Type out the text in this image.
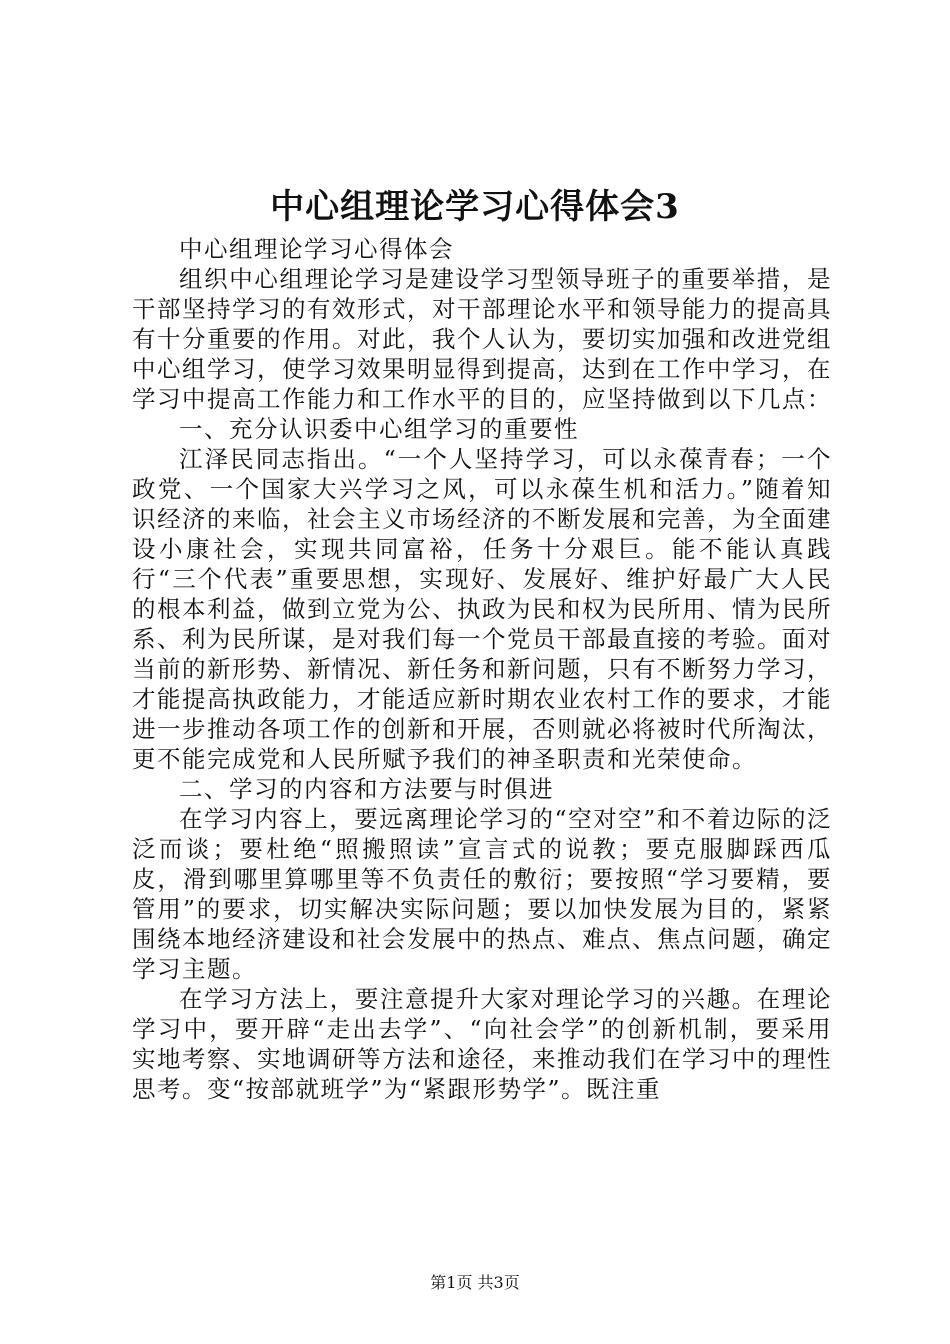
中心组理论学习心得体会3

中心组理论学习心得体会

组织中心组理论学习是建设学习型领导班子的重要举措，是干部坚持学习的有效形式，对干部理论水平和领导能力的提高具有十分重要的作用。对此，我个人认为，要切实加强和改进党组中心组学习，使学习效果明显得到提高，达到在工作中学习，在学习中提高工作能力和工作水平的目的，应坚持做到以下几点：

一、充分认识委中心组学习的重要性

江泽民同志指出。“一个人坚持学习，可以永葆青春；一个政党、一个国家大兴学习之风，可以永葆生机和活力。”随着知识经济的来临，社会主义市场经济的不断发展和完善，为全面建设小康社会，实现共同富裕，任务十分艰巨。能不能认真践行“三个代表”重要思想，实现好、发展好、维护好最广大人民的根本利益，做到立党为公、执政为民和权为民所用、情为民所系、利为民所谋，是对我们每一个党员干部最直接的考验。面对当前的新形势、新情况、新任务和新问题，只有不断努力学习，才能提高执政能力，才能适应新时期农业农村工作的要求，才能进一步推动各项工作的创新和开展，否则就必将被时代所淘汰，更不能完成党和人民所赋予我们的神圣职责和光荣使命。

二、学习的内容和方法要与时俱进

在学习内容上，要远离理论学习的“空对空”和不着边际的泛泛而谈；要杜绝“照搬照读”宣言式的说教；要克服脚踩西瓜皮，滑到哪里算哪里等不负责任的敷衍；要按照“学习要精，要管用”的要求，切实解决实际问题；要以加快发展为目的，紧紧围绕本地经济建设和社会发展中的热点、难点、焦点问题，确定学习主题。

在学习方法上，要注意提升大家对理论学习的兴趣。在理论学习中，要开辟“走出去学”、“向社会学”的创新机制，要采用实地考察、实地调研等方法和途径，来推动我们在学习中的理性思考。变“按部就班学”为“紧跟形势学”。既注重

第1页 共3页
